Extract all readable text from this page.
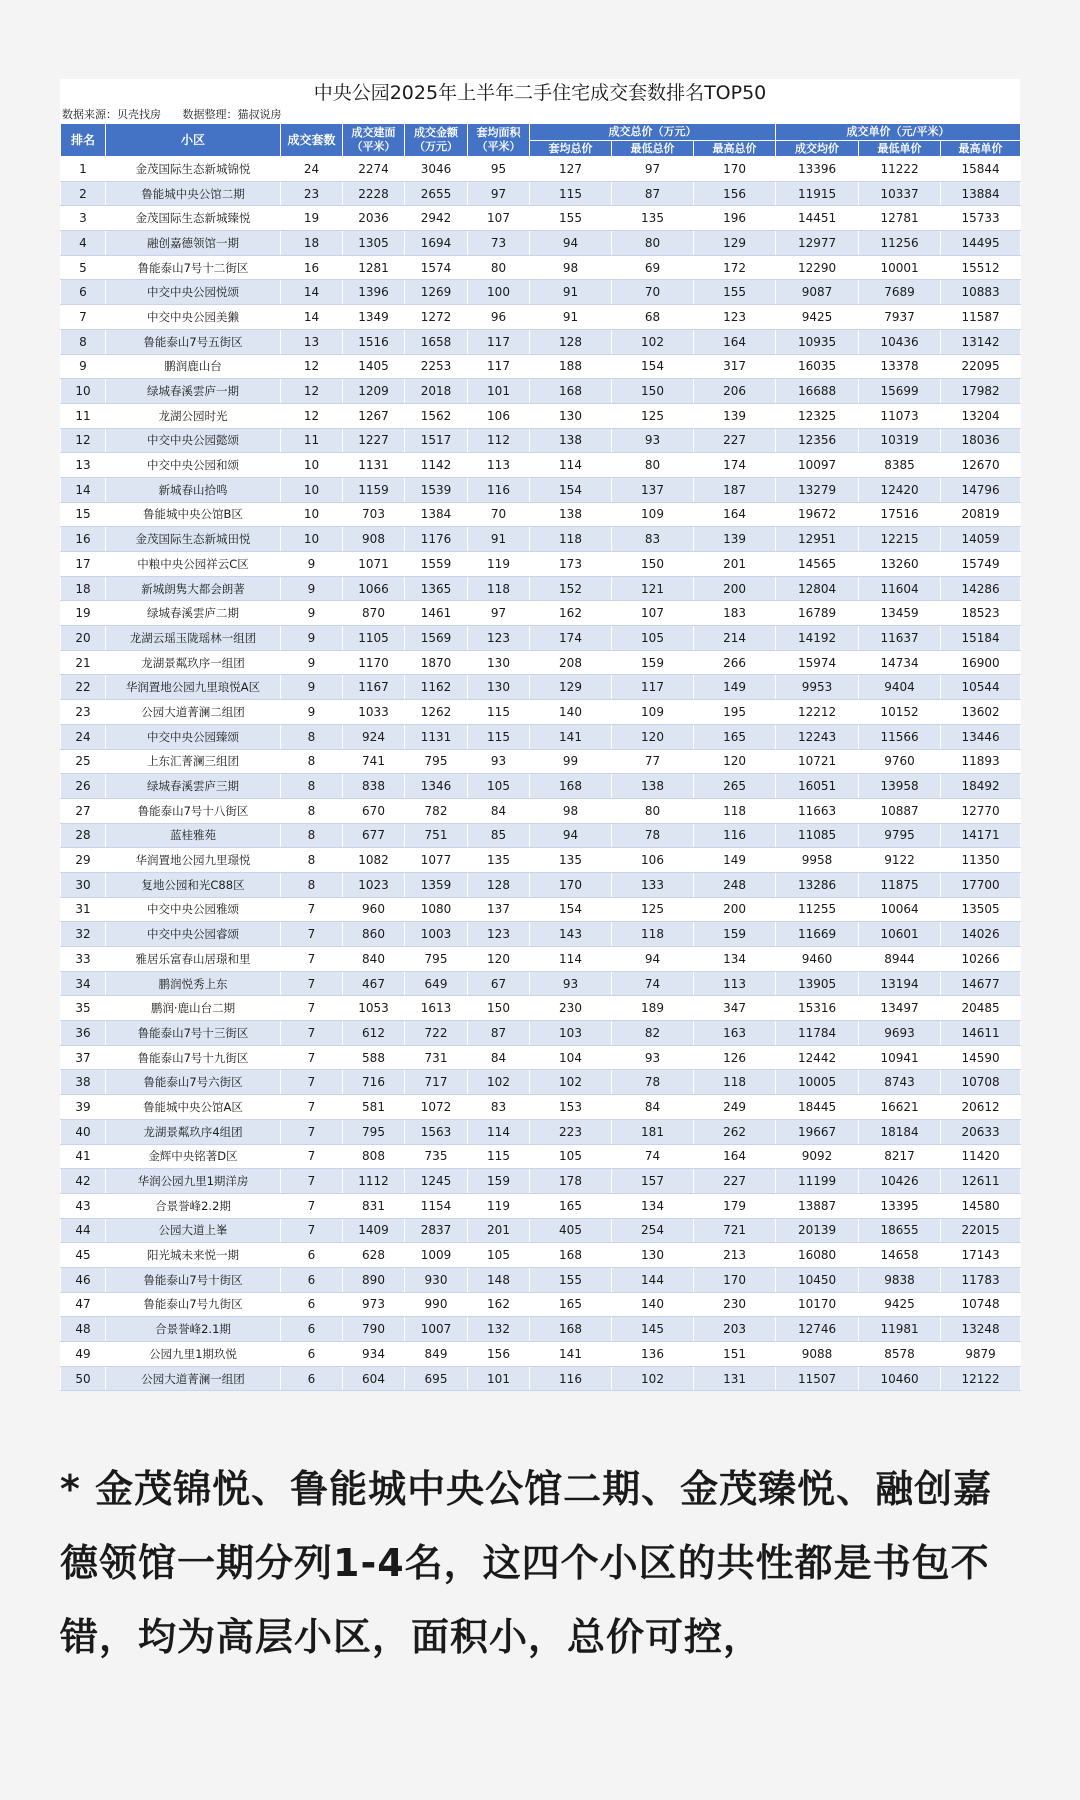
中央公园2025年上半年二手住宅成交套数排名TOP50
数据来源：贝壳找房 数据整理：猫叔说房
排名	小区	成交套数	成交建面（平米）	成交金额（万元）	套均面积（平米）	成交总价（万元）			成交单价（元/平米）		
						套均总价	最低总价	最高总价	成交均价	最低单价	最高单价
1	金茂国际生态新城锦悦	24	2274	3046	95	127	97	170	13396	11222	15844
2	鲁能城中央公馆二期	23	2228	2655	97	115	87	156	11915	10337	13884
3	金茂国际生态新城臻悦	19	2036	2942	107	155	135	196	14451	12781	15733
4	融创嘉德领馆一期	18	1305	1694	73	94	80	129	12977	11256	14495
5	鲁能泰山7号十二街区	16	1281	1574	80	98	69	172	12290	10001	15512
6	中交中央公园悦颂	14	1396	1269	100	91	70	155	9087	7689	10883
7	中交中央公园美獭	14	1349	1272	96	91	68	123	9425	7937	11587
8	鲁能泰山7号五街区	13	1516	1658	117	128	102	164	10935	10436	13142
9	鹏润鹿山台	12	1405	2253	117	188	154	317	16035	13378	22095
10	绿城春溪雲庐一期	12	1209	2018	101	168	150	206	16688	15699	17982
11	龙湖公园时光	12	1267	1562	106	130	125	139	12325	11073	13204
12	中交中央公园懿颂	11	1227	1517	112	138	93	227	12356	10319	18036
13	中交中央公园和颂	10	1131	1142	113	114	80	174	10097	8385	12670
14	新城春山拾鸣	10	1159	1539	116	154	137	187	13279	12420	14796
15	鲁能城中央公馆B区	10	703	1384	70	138	109	164	19672	17516	20819
16	金茂国际生态新城田悦	10	908	1176	91	118	83	139	12951	12215	14059
17	中粮中央公园祥云C区	9	1071	1559	119	173	150	201	14565	13260	15749
18	新城朗隽大都会朗著	9	1066	1365	118	152	121	200	12804	11604	14286
19	绿城春溪雲庐二期	9	870	1461	97	162	107	183	16789	13459	18523
20	龙湖云瑶玉陇瑶林一组团	9	1105	1569	123	174	105	214	14192	11637	15184
21	龙湖景粼玖序一组团	9	1170	1870	130	208	159	266	15974	14734	16900
22	华润置地公园九里琅悦A区	9	1167	1162	130	129	117	149	9953	9404	10544
23	公园大道菁澜二组团	9	1033	1262	115	140	109	195	12212	10152	13602
24	中交中央公园臻颂	8	924	1131	115	141	120	165	12243	11566	13446
25	上东汇菁澜三组团	8	741	795	93	99	77	120	10721	9760	11893
26	绿城春溪雲庐三期	8	838	1346	105	168	138	265	16051	13958	18492
27	鲁能泰山7号十八街区	8	670	782	84	98	80	118	11663	10887	12770
28	蓝桂雅苑	8	677	751	85	94	78	116	11085	9795	14171
29	华润置地公园九里璟悦	8	1082	1077	135	135	106	149	9958	9122	11350
30	复地公园和光C88区	8	1023	1359	128	170	133	248	13286	11875	17700
31	中交中央公园雅颂	7	960	1080	137	154	125	200	11255	10064	13505
32	中交中央公园睿颂	7	860	1003	123	143	118	159	11669	10601	14026
33	雅居乐富春山居璟和里	7	840	795	120	114	94	134	9460	8944	10266
34	鹏润悦秀上东	7	467	649	67	93	74	113	13905	13194	14677
35	鹏润·鹿山台二期	7	1053	1613	150	230	189	347	15316	13497	20485
36	鲁能泰山7号十三街区	7	612	722	87	103	82	163	11784	9693	14611
37	鲁能泰山7号十九街区	7	588	731	84	104	93	126	12442	10941	14590
38	鲁能泰山7号六街区	7	716	717	102	102	78	118	10005	8743	10708
39	鲁能城中央公馆A区	7	581	1072	83	153	84	249	18445	16621	20612
40	龙湖景粼玖序4组团	7	795	1563	114	223	181	262	19667	18184	20633
41	金辉中央铭著D区	7	808	735	115	105	74	164	9092	8217	11420
42	华润公园九里1期洋房	7	1112	1245	159	178	157	227	11199	10426	12611
43	合景誉峰2.2期	7	831	1154	119	165	134	179	13887	13395	14580
44	公园大道上峯	7	1409	2837	201	405	254	721	20139	18655	22015
45	阳光城未来悦一期	6	628	1009	105	168	130	213	16080	14658	17143
46	鲁能泰山7号十街区	6	890	930	148	155	144	170	10450	9838	11783
47	鲁能泰山7号九街区	6	973	990	162	165	140	230	10170	9425	10748
48	合景誉峰2.1期	6	790	1007	132	168	145	203	12746	11981	13248
49	公园九里1期玖悦	6	934	849	156	141	136	151	9088	8578	9879
50	公园大道菁澜一组团	6	604	695	101	116	102	131	11507	10460	12122
* 金茂锦悦、鲁能城中央公馆二期、金茂臻悦、融创嘉德领馆一期分列1-4名，这四个小区的共性都是书包不错，均为高层小区，面积小，总价可控，
